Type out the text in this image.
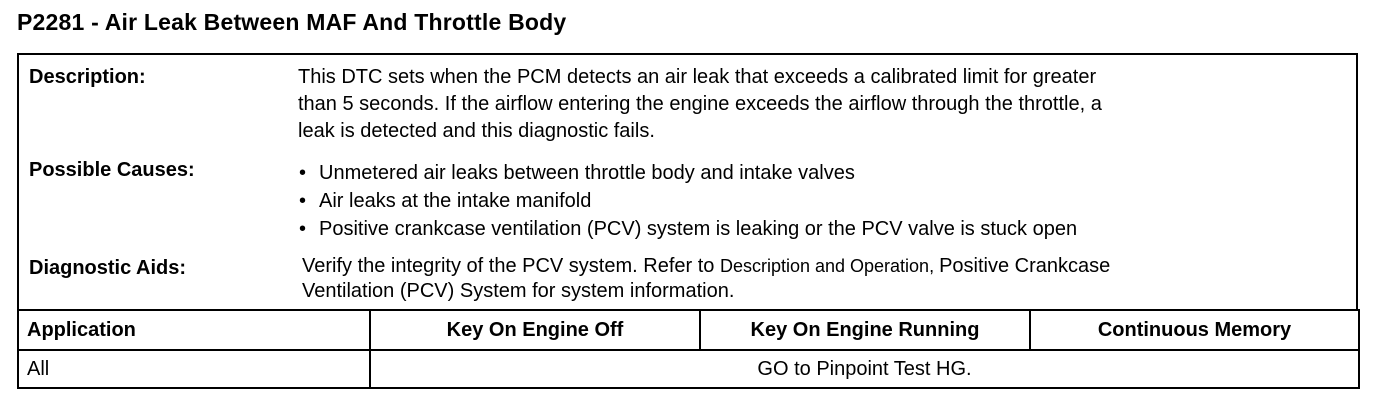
P2281 - Air Leak Between MAF And Throttle Body
Description:	This DTC sets when the PCM detects an air leak that exceeds a calibrated limit for greater
than 5 seconds. If the airflow entering the engine exceeds the airflow through the throttle, a
leak is detected and this diagnostic fails.
Possible Causes:	• Unmetered air leaks between throttle body and intake valves
• Air leaks at the intake manifold
• Positive crankcase ventilation (PCV) system is leaking or the PCV valve is stuck open
Diagnostic Aids:	Verify the integrity of the PCV system. Refer to Description and Operation, Positive Crankcase
Ventilation (PCV) System for system information.
Application	Key On Engine Off	Key On Engine Running	Continuous Memory
All	GO to Pinpoint Test HG.		
